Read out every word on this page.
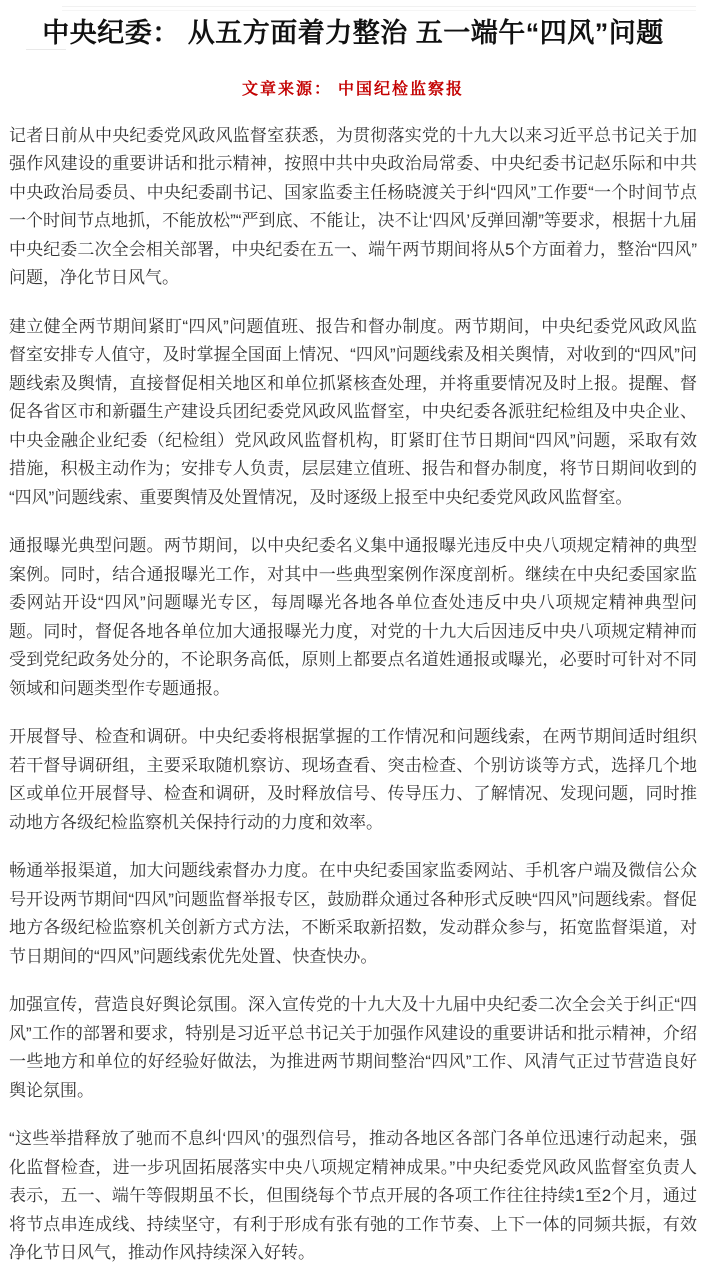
中央纪委： 从五方面着力整治 五一端午“四风”问题
文章来源： 中国纪检监察报

记者日前从中央纪委党风政风监督室获悉，为贯彻落实党的十九大以来习近平总书记关于加强作风建设的重要讲话和批示精神，按照中共中央政治局常委、中央纪委书记赵乐际和中共中央政治局委员、中央纪委副书记、国家监委主任杨晓渡关于纠“四风”工作要“一个时间节点一个时间节点地抓，不能放松”“严到底、不能让，决不让‘四风’反弹回潮”等要求，根据十九届中央纪委二次全会相关部署，中央纪委在五一、端午两节期间将从5个方面着力，整治“四风”问题，净化节日风气。

建立健全两节期间紧盯“四风”问题值班、报告和督办制度。两节期间，中央纪委党风政风监督室安排专人值守，及时掌握全国面上情况、“四风”问题线索及相关舆情，对收到的“四风”问题线索及舆情，直接督促相关地区和单位抓紧核查处理，并将重要情况及时上报。提醒、督促各省区市和新疆生产建设兵团纪委党风政风监督室，中央纪委各派驻纪检组及中央企业、中央金融企业纪委（纪检组）党风政风监督机构，盯紧盯住节日期间“四风”问题，采取有效措施，积极主动作为；安排专人负责，层层建立值班、报告和督办制度，将节日期间收到的“四风”问题线索、重要舆情及处置情况，及时逐级上报至中央纪委党风政风监督室。

通报曝光典型问题。两节期间，以中央纪委名义集中通报曝光违反中央八项规定精神的典型案例。同时，结合通报曝光工作，对其中一些典型案例作深度剖析。继续在中央纪委国家监委网站开设“四风”问题曝光专区，每周曝光各地各单位查处违反中央八项规定精神典型问题。同时，督促各地各单位加大通报曝光力度，对党的十九大后因违反中央八项规定精神而受到党纪政务处分的，不论职务高低，原则上都要点名道姓通报或曝光，必要时可针对不同领域和问题类型作专题通报。

开展督导、检查和调研。中央纪委将根据掌握的工作情况和问题线索，在两节期间适时组织若干督导调研组，主要采取随机察访、现场查看、突击检查、个别访谈等方式，选择几个地区或单位开展督导、检查和调研，及时释放信号、传导压力、了解情况、发现问题，同时推动地方各级纪检监察机关保持行动的力度和效率。

畅通举报渠道，加大问题线索督办力度。在中央纪委国家监委网站、手机客户端及微信公众号开设两节期间“四风”问题监督举报专区，鼓励群众通过各种形式反映“四风”问题线索。督促地方各级纪检监察机关创新方式方法，不断采取新招数，发动群众参与，拓宽监督渠道，对节日期间的“四风”问题线索优先处置、快查快办。

加强宣传，营造良好舆论氛围。深入宣传党的十九大及十九届中央纪委二次全会关于纠正“四风”工作的部署和要求，特别是习近平总书记关于加强作风建设的重要讲话和批示精神，介绍一些地方和单位的好经验好做法，为推进两节期间整治“四风”工作、风清气正过节营造良好舆论氛围。

“这些举措释放了驰而不息纠‘四风’的强烈信号，推动各地区各部门各单位迅速行动起来，强化监督检查，进一步巩固拓展落实中央八项规定精神成果。”中央纪委党风政风监督室负责人表示，五一、端午等假期虽不长，但围绕每个节点开展的各项工作往往持续1至2个月，通过将节点串连成线、持续坚守，有利于形成有张有弛的工作节奏、上下一体的同频共振，有效净化节日风气，推动作风持续深入好转。
